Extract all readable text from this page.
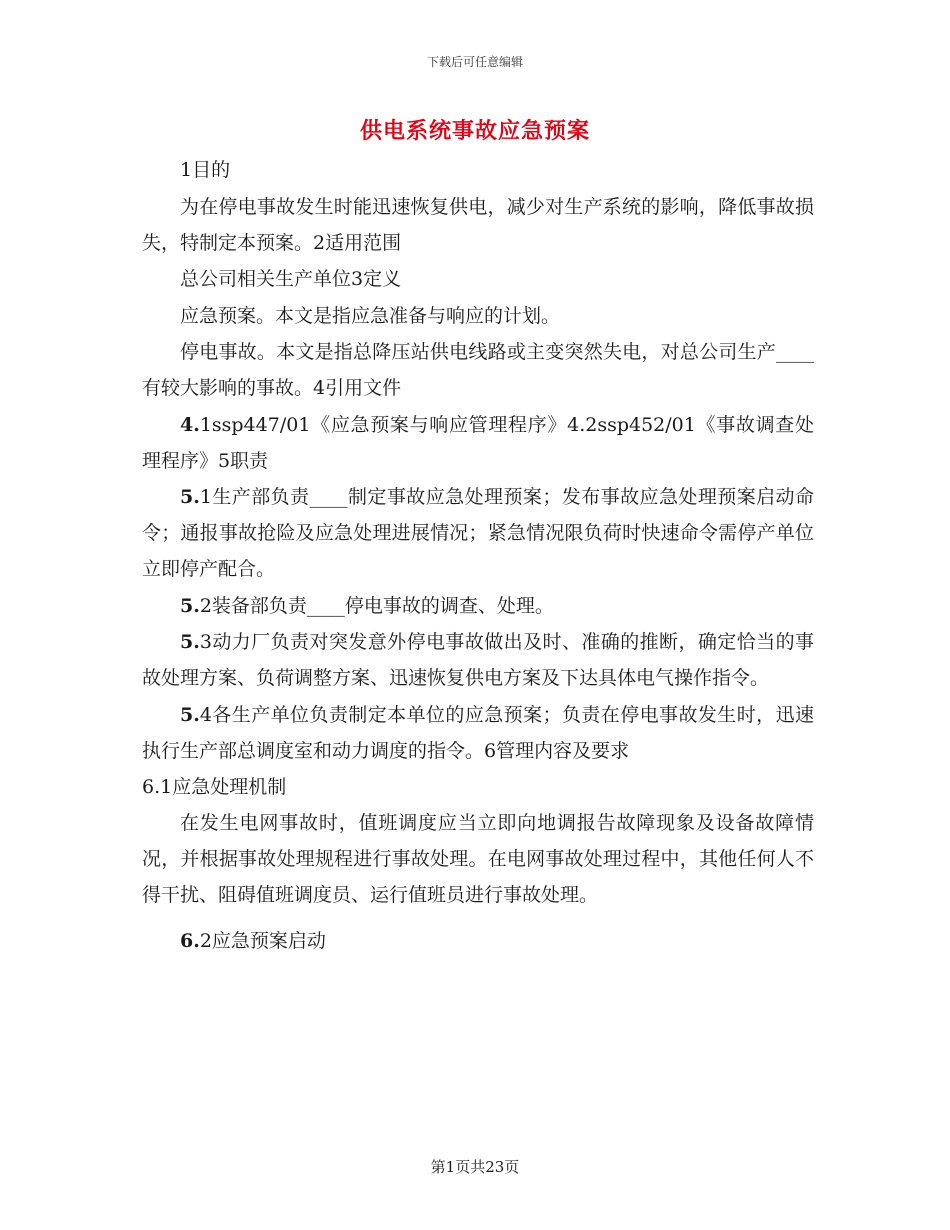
下载后可任意编辑
供电系统事故应急预案

1目的

为在停电事故发生时能迅速恢复供电，减少对生产系统的影响，降低事故损失，特制定本预案。2适用范围

总公司相关生产单位3定义

应急预案。本文是指应急准备与响应的计划。

停电事故。本文是指总降压站供电线路或主变突然失电，对总公司生产____有较大影响的事故。4引用文件

4.1ssp447/01《应急预案与响应管理程序》4.2ssp452/01《事故调查处理程序》5职责

5.1生产部负责____制定事故应急处理预案；发布事故应急处理预案启动命令；通报事故抢险及应急处理进展情况；紧急情况限负荷时快速命令需停产单位立即停产配合。

5.2装备部负责____停电事故的调查、处理。

5.3动力厂负责对突发意外停电事故做出及时、准确的推断，确定恰当的事故处理方案、负荷调整方案、迅速恢复供电方案及下达具体电气操作指令。

5.4各生产单位负责制定本单位的应急预案；负责在停电事故发生时，迅速执行生产部总调度室和动力调度的指令。6管理内容及要求

6.1应急处理机制

在发生电网事故时，值班调度应当立即向地调报告故障现象及设备故障情况，并根据事故处理规程进行事故处理。在电网事故处理过程中，其他任何人不得干扰、阻碍值班调度员、运行值班员进行事故处理。

6.2应急预案启动

第1页共23页
